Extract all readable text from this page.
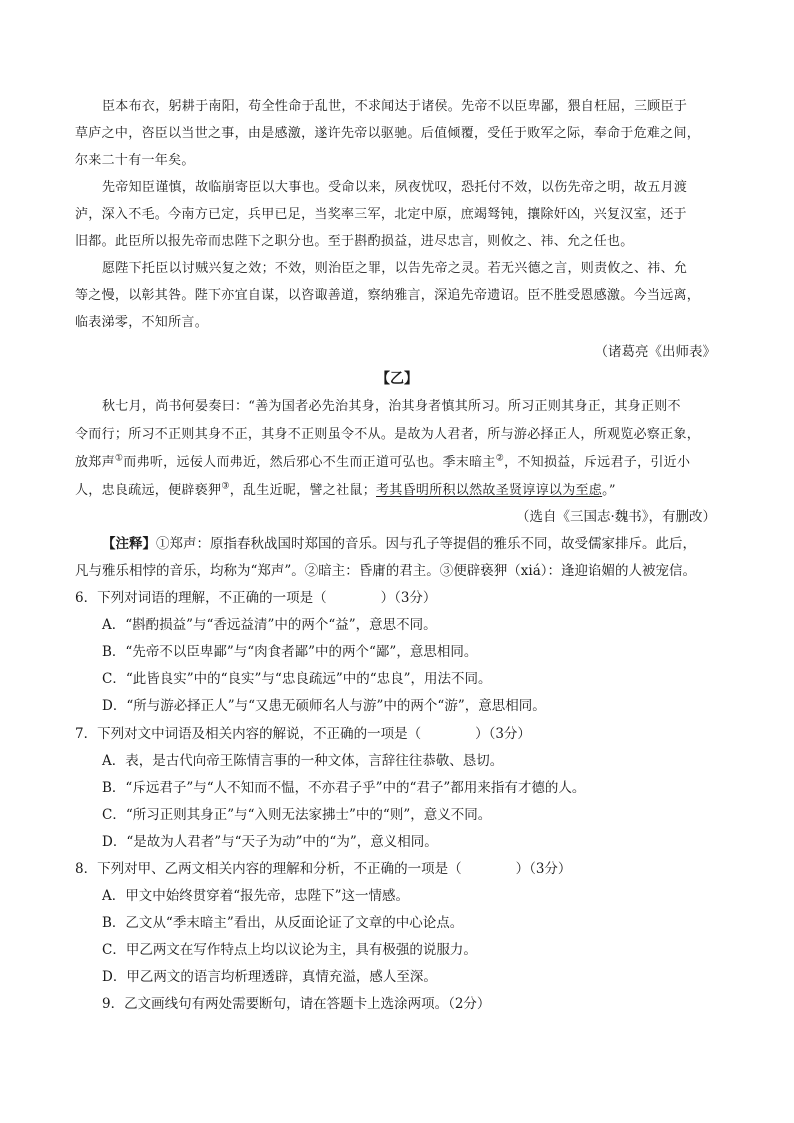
臣本布衣，躬耕于南阳，苟全性命于乱世，不求闻达于诸侯。先帝不以臣卑鄙，猥自枉屈，三顾臣于
草庐之中，咨臣以当世之事，由是感激，遂许先帝以驱驰。后值倾覆，受任于败军之际，奉命于危难之间，
尔来二十有一年矣。
先帝知臣谨慎，故临崩寄臣以大事也。受命以来，夙夜忧叹，恐托付不效，以伤先帝之明，故五月渡
泸，深入不毛。今南方已定，兵甲已足，当奖率三军，北定中原，庶竭驽钝，攘除奸凶，兴复汉室，还于
旧都。此臣所以报先帝而忠陛下之职分也。至于斟酌损益，进尽忠言，则攸之、祎、允之任也。
愿陛下托臣以讨贼兴复之效；不效，则治臣之罪，以告先帝之灵。若无兴德之言，则责攸之、祎、允
等之慢，以彰其咎。陛下亦宜自谋，以咨诹善道，察纳雅言，深追先帝遗诏。臣不胜受恩感激。今当远离，
临表涕零，不知所言。
（诸葛亮《出师表》
【乙】
秋七月，尚书何晏奏曰：“善为国者必先治其身，治其身者慎其所习。所习正则其身正，其身正则不
令而行；所习不正则其身不正，其身不正则虽令不从。是故为人君者，所与游必择正人，所观览必察正象，
放郑声①而弗听，远佞人而弗近，然后邪心不生而正道可弘也。季末暗主②，不知损益，斥远君子，引近小
人，忠良疏远，便辟亵狎③，乱生近昵，譬之社鼠；考其昏明所积以然故圣贤谆谆以为至虑。”
（选自《三国志·魏书》，有删改）
【注释】①郑声：原指春秋战国时郑国的音乐。因与孔子等提倡的雅乐不同，故受儒家排斥。此后，
凡与雅乐相悖的音乐，均称为“郑声”。②暗主：昏庸的君主。③便辟亵狎（xiá）：逢迎谄媚的人被宠信。
6．下列对词语的理解，不正确的一项是（　　　　）（3分）
A．“斟酌损益”与“香远益清”中的两个“益”，意思不同。
B．“先帝不以臣卑鄙”与“肉食者鄙”中的两个“鄙”，意思相同。
C．“此皆良实”中的“良实”与“忠良疏远”中的“忠良”，用法不同。
D．“所与游必择正人”与“又患无硕师名人与游”中的两个“游”，意思相同。
7．下列对文中词语及相关内容的解说，不正确的一项是（　　　　）（3分）
A．表，是古代向帝王陈情言事的一种文体，言辞往往恭敬、恳切。
B．“斥远君子”与“人不知而不愠，不亦君子乎”中的“君子”都用来指有才德的人。
C．“所习正则其身正”与“入则无法家拂士”中的“则”，意义不同。
D．“是故为人君者”与“天子为动”中的“为”，意义相同。
8．下列对甲、乙两文相关内容的理解和分析，不正确的一项是（　　　　）（3分）
A．甲文中始终贯穿着“报先帝，忠陛下”这一情感。
B．乙文从“季末暗主”看出，从反面论证了文章的中心论点。
C．甲乙两文在写作特点上均以议论为主，具有极强的说服力。
D．甲乙两文的语言均析理透辟，真情充溢，感人至深。
9．乙文画线句有两处需要断句，请在答题卡上选涂两项。（2分）
